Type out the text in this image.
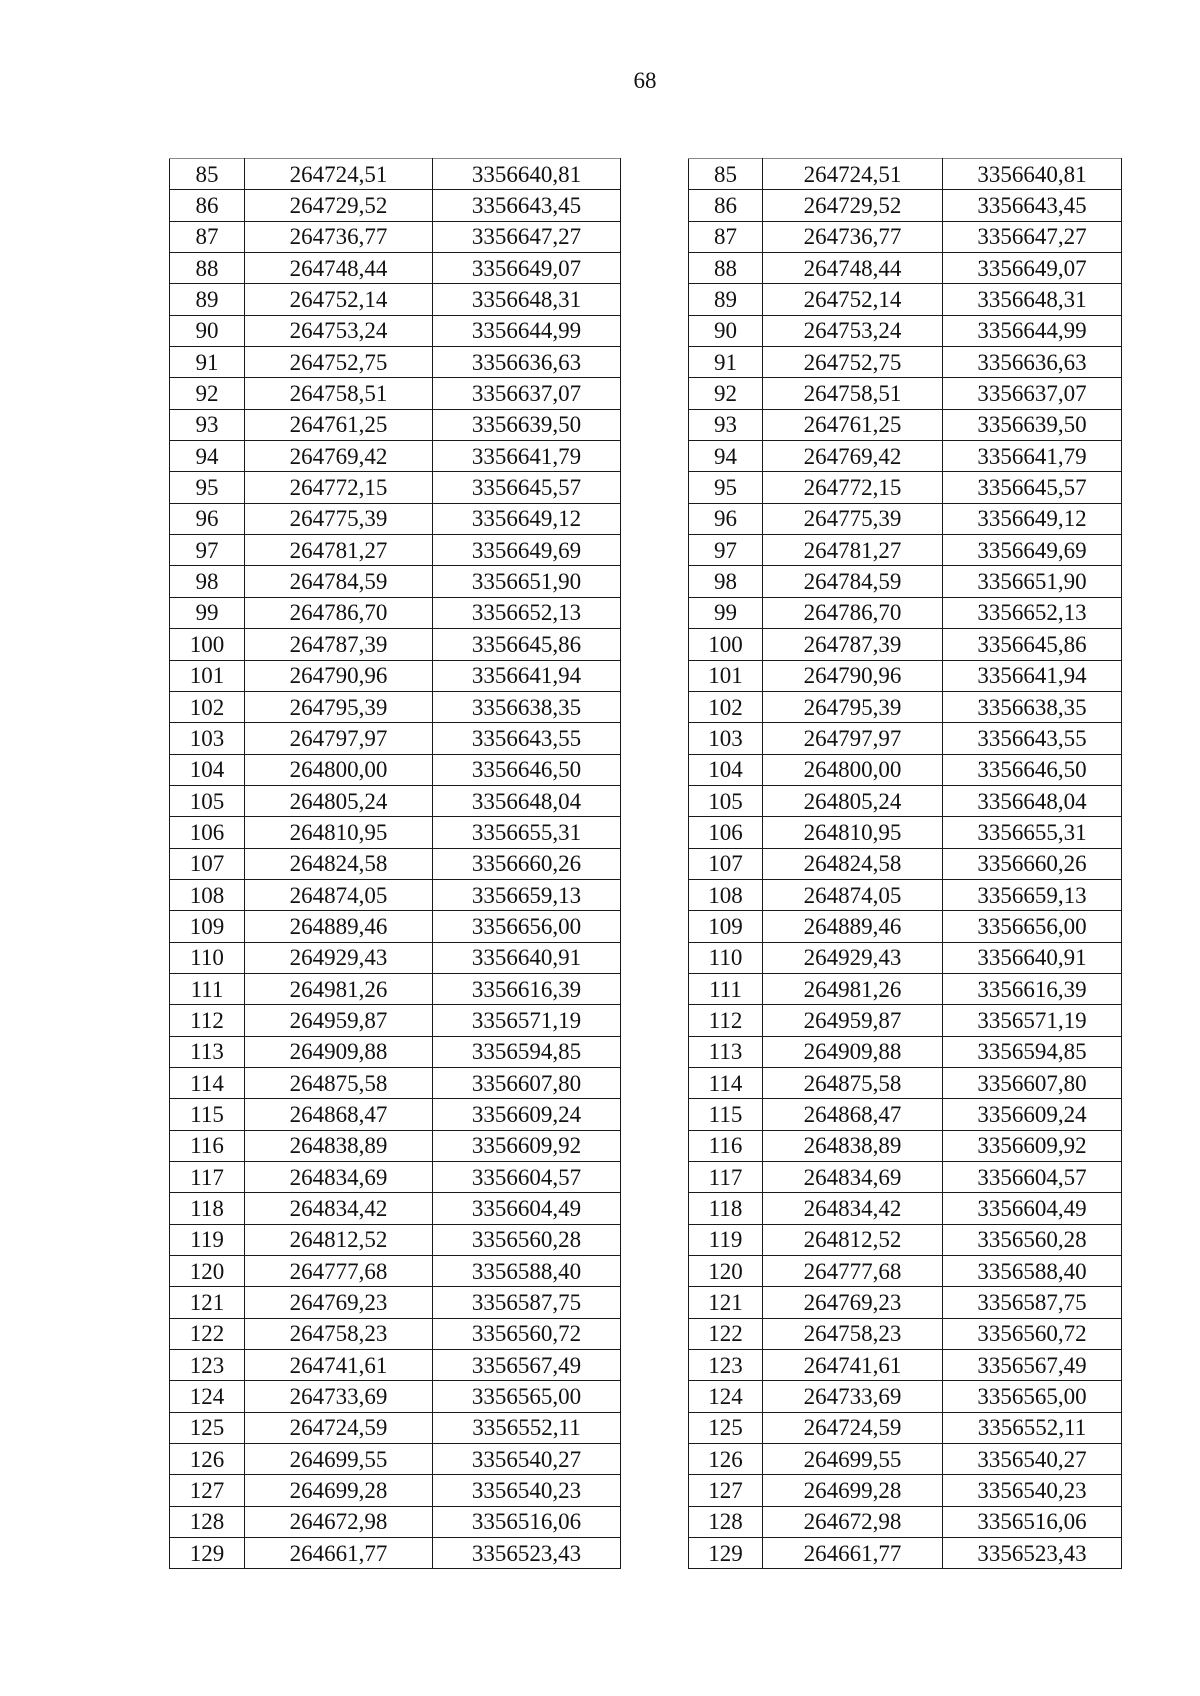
68
85	264724,51	3356640,81
86	264729,52	3356643,45
87	264736,77	3356647,27
88	264748,44	3356649,07
89	264752,14	3356648,31
90	264753,24	3356644,99
91	264752,75	3356636,63
92	264758,51	3356637,07
93	264761,25	3356639,50
94	264769,42	3356641,79
95	264772,15	3356645,57
96	264775,39	3356649,12
97	264781,27	3356649,69
98	264784,59	3356651,90
99	264786,70	3356652,13
100	264787,39	3356645,86
101	264790,96	3356641,94
102	264795,39	3356638,35
103	264797,97	3356643,55
104	264800,00	3356646,50
105	264805,24	3356648,04
106	264810,95	3356655,31
107	264824,58	3356660,26
108	264874,05	3356659,13
109	264889,46	3356656,00
110	264929,43	3356640,91
111	264981,26	3356616,39
112	264959,87	3356571,19
113	264909,88	3356594,85
114	264875,58	3356607,80
115	264868,47	3356609,24
116	264838,89	3356609,92
117	264834,69	3356604,57
118	264834,42	3356604,49
119	264812,52	3356560,28
120	264777,68	3356588,40
121	264769,23	3356587,75
122	264758,23	3356560,72
123	264741,61	3356567,49
124	264733,69	3356565,00
125	264724,59	3356552,11
126	264699,55	3356540,27
127	264699,28	3356540,23
128	264672,98	3356516,06
129	264661,77	3356523,43
85	264724,51	3356640,81
86	264729,52	3356643,45
87	264736,77	3356647,27
88	264748,44	3356649,07
89	264752,14	3356648,31
90	264753,24	3356644,99
91	264752,75	3356636,63
92	264758,51	3356637,07
93	264761,25	3356639,50
94	264769,42	3356641,79
95	264772,15	3356645,57
96	264775,39	3356649,12
97	264781,27	3356649,69
98	264784,59	3356651,90
99	264786,70	3356652,13
100	264787,39	3356645,86
101	264790,96	3356641,94
102	264795,39	3356638,35
103	264797,97	3356643,55
104	264800,00	3356646,50
105	264805,24	3356648,04
106	264810,95	3356655,31
107	264824,58	3356660,26
108	264874,05	3356659,13
109	264889,46	3356656,00
110	264929,43	3356640,91
111	264981,26	3356616,39
112	264959,87	3356571,19
113	264909,88	3356594,85
114	264875,58	3356607,80
115	264868,47	3356609,24
116	264838,89	3356609,92
117	264834,69	3356604,57
118	264834,42	3356604,49
119	264812,52	3356560,28
120	264777,68	3356588,40
121	264769,23	3356587,75
122	264758,23	3356560,72
123	264741,61	3356567,49
124	264733,69	3356565,00
125	264724,59	3356552,11
126	264699,55	3356540,27
127	264699,28	3356540,23
128	264672,98	3356516,06
129	264661,77	3356523,43
